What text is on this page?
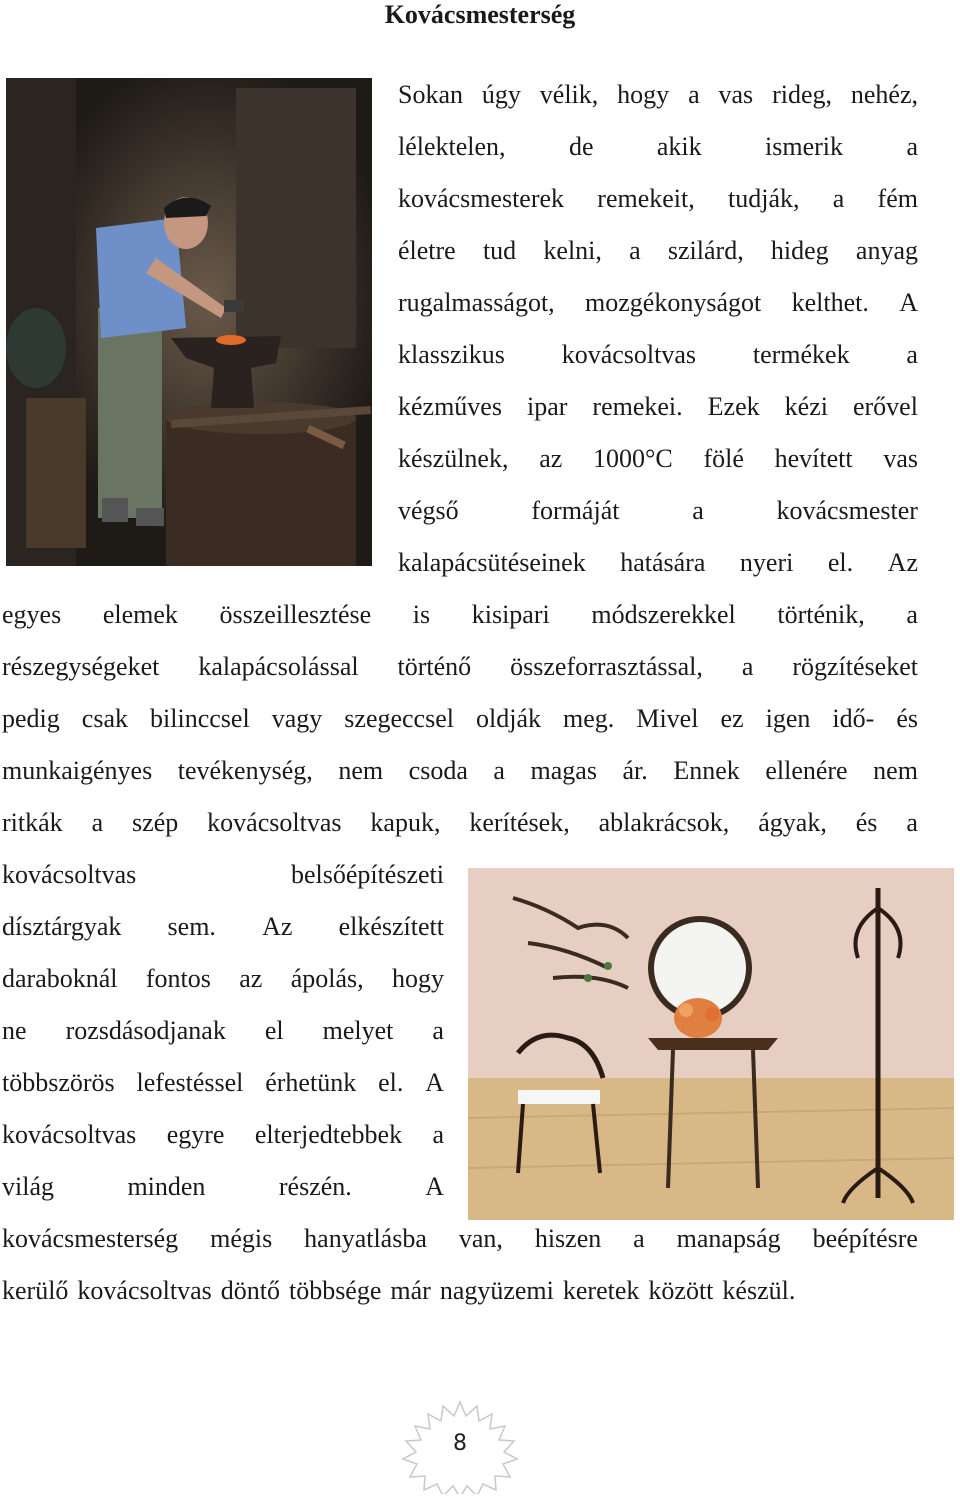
Kovácsmesterség
Sokan úgy vélik, hogy a vas rideg, nehéz,
lélektelen, de akik ismerik a
kovácsmesterek remekeit, tudják, a fém
életre tud kelni, a szilárd, hideg anyag
rugalmasságot, mozgékonyságot kelthet. A
klasszikus kovácsoltvas termékek a
kézműves ipar remekei. Ezek kézi erővel
készülnek, az 1000°C fölé hevített vas
végső	formáját	a	kovácsmester
kalapácsütéseinek hatására nyeri el. Az
egyes elemek összeillesztése is kisipari módszerekkel történik, a
részegységeket kalapácsolással történő összeforrasztással, a rögzítéseket
pedig csak bilinccsel vagy szegeccsel oldják meg. Mivel ez igen idő- és
munkaigényes tevékenység, nem csoda a magas ár. Ennek ellenére nem
ritkák a szép kovácsoltvas kapuk, kerítések, ablakrácsok, ágyak, és a
kovácsoltvas	belsőépítészeti
dísztárgyak sem. Az elkészített
daraboknál fontos az ápolás, hogy
ne rozsdásodjanak el melyet a
többszörös lefestéssel érhetünk el. A
kovácsoltvas egyre elterjedtebbek a
világ	minden	részén.	A
kovácsmesterség mégis hanyatlásba van, hiszen a manapság beépítésre
kerülő kovácsoltvas döntő többsége már nagyüzemi keretek között készül.
8
